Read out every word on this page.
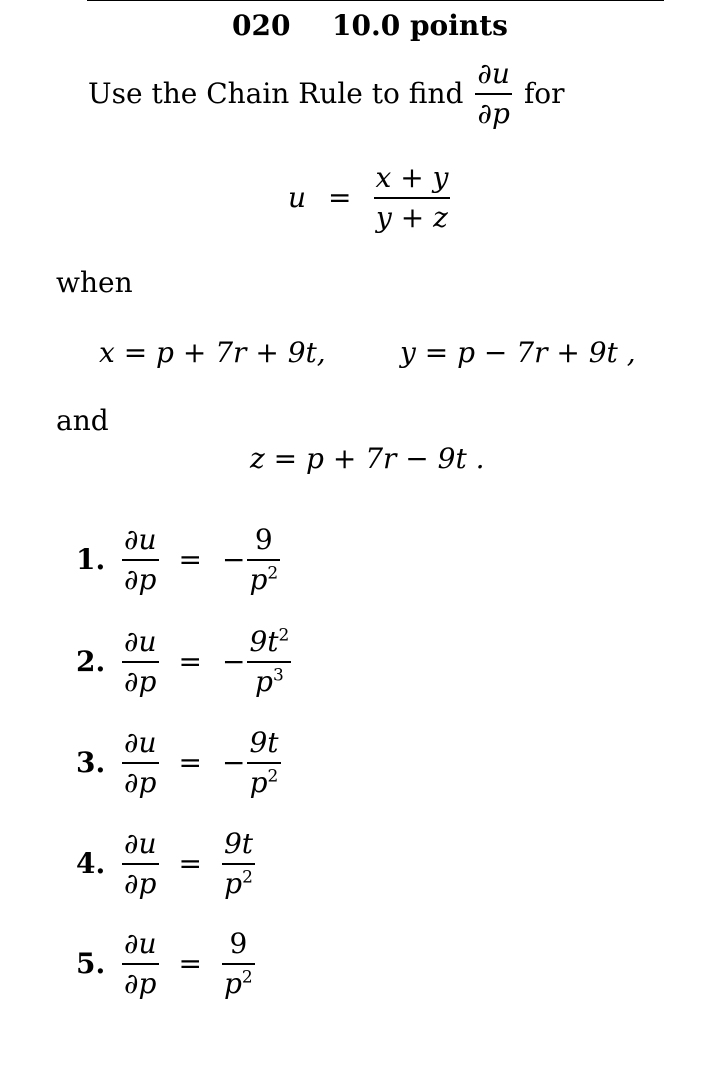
020 10.0 points
Use the Chain Rule to find $\frac{\partial u}{\partial p}$ for
$u = \frac{x + y}{y + z}$
when
x = p + 7r + 9t,	y = p − 7r + 9t ,
and
z = p + 7r − 9t .
1. $\frac{\partial u}{\partial p}$ = − $\frac{9}{p^2}$
2. $\frac{\partial u}{\partial p}$ = − $\frac{9t^2}{p^3}$
3. $\frac{\partial u}{\partial p}$ = − $\frac{9t}{p^2}$
4. $\frac{\partial u}{\partial p} = \frac{9t}{p^2}$
5. $\frac{\partial u}{\partial p} = \frac{9}{p^2}$
